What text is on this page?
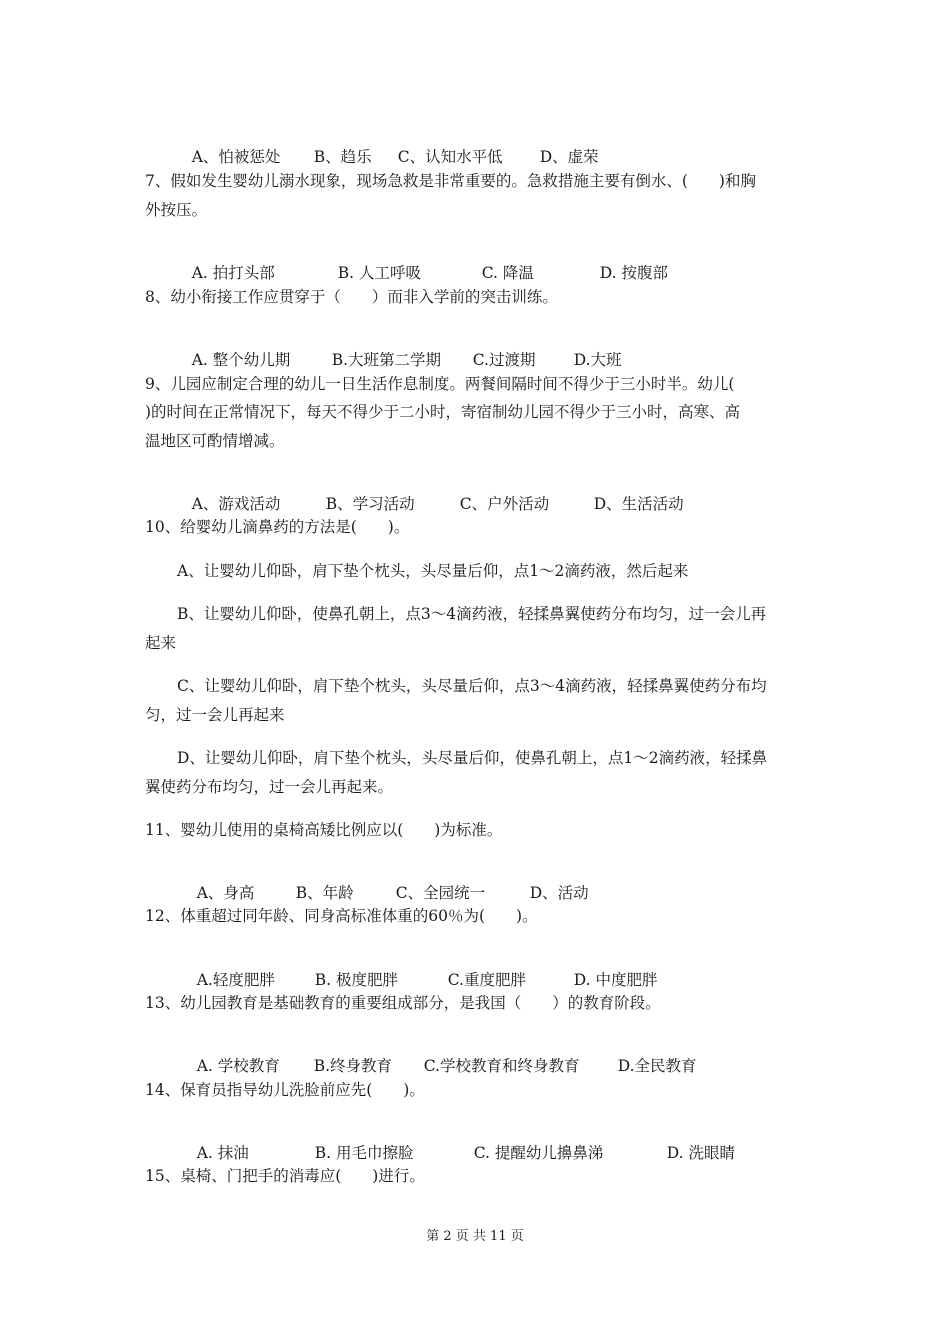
A、怕被惩处 B、趋乐 C、认知水平低 D、虚荣

7、假如发生婴幼儿溺水现象，现场急救是非常重要的。急救措施主要有倒水、(　　)和胸
外按压。

A. 拍打头部	B. 人工呼吸	C. 降温	D. 按腹部

8、幼小衔接工作应贯穿于（　　）而非入学前的突击训练。

A. 整个幼儿期	B.大班第二学期 C.过渡期 D.大班

9、儿园应制定合理的幼儿一日生活作息制度。两餐间隔时间不得少于三小时半。幼儿(
)的时间在正常情况下，每天不得少于二小时，寄宿制幼儿园不得少于三小时，高寒、高
温地区可酌情增减。

A、游戏活动	B、学习活动	C、户外活动	D、生活活动

10、给婴幼儿滴鼻药的方法是(　　)。
A、让婴幼儿仰卧，肩下垫个枕头，头尽量后仰，点1～2滴药液，然后起来
B、让婴幼儿仰卧，使鼻孔朝上，点3～4滴药液，轻揉鼻翼使药分布均匀，过一会儿再
起来
C、让婴幼儿仰卧，肩下垫个枕头，头尽量后仰，点3～4滴药液，轻揉鼻翼使药分布均
匀，过一会儿再起来
D、让婴幼儿仰卧，肩下垫个枕头，头尽量后仰，使鼻孔朝上，点1～2滴药液，轻揉鼻
翼使药分布均匀，过一会儿再起来。
11、婴幼儿使用的桌椅高矮比例应以(　　)为标准。

A、身高	B、年龄	C、全园统一	D、活动

12、体重超过同年龄、同身高标准体重的60％为(　　)。

A.轻度肥胖	B. 极度肥胖	C.重度肥胖	D. 中度肥胖

13、幼儿园教育是基础教育的重要组成部分，是我国（　　）的教育阶段。

A. 学校教育 B.终身教育 C.学校教育和终身教育 D.全民教育

14、保育员指导幼儿洗脸前应先(　　)。

A. 抹油	B. 用毛巾擦脸	C. 提醒幼儿擤鼻涕	D. 洗眼睛

15、桌椅、门把手的消毒应(　　)进行。
第 2 页 共 11 页
